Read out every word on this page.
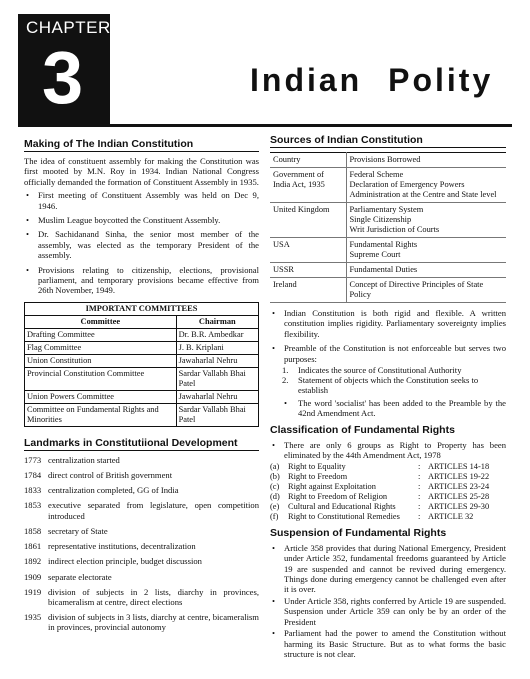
CHAPTER
3	Indian Polity
Making of The Indian Constitution

The idea of constituent assembly for making the Constitution was first mooted by M.N. Roy in 1934. Indian National Congress officially demanded the formation of Constituent Assembly in 1935.

• First meeting of Constituent Assembly was held on Dec 9, 1946.
• Muslim League boycotted the Constituent Assembly.
• Dr. Sachidanand Sinha, the senior most member of the assembly, was elected as the temporary President of the assembly.
• Provisions relating to citizenship, elections, provisional parliament, and temporary provisions became effective from 26th November, 1949.
IMPORTANT COMMITTEES	
Committee	Chairman
Drafting Committee	Dr. B.R. Ambedkar
Flag Committee	J. B. Kriplani
Union Constitution	Jawaharlal Nehru
Provincial Constitution Committee	Sardar Vallabh Bhai Patel
Union Powers Committee	Jawaharlal Nehru
Committee on Fundamental Rights and Minorities	Sardar Vallabh Bhai Patel
Landmarks in Constitutiional Development
1773 centralization started
1784 direct control of British government
1833 centralization completed, GG of India
1853 executive separated from legislature, open competition introduced
1858 secretary of State
1861 representative institutions, decentralization
1892 indirect election principle, budget discussion
1909 separate electorate
1919 division of subjects in 2 lists, diarchy in provinces, bicameralism at centre, direct elections
1935 division of subjects in 3 lists, diarchy at centre, bicameralism in provinces, provincial autonomy
Sources of Indian Constitution
Country	Provisions Borrowed
Government of India Act, 1935	Federal Scheme
Declaration of Emergency Powers
Administration at the Centre and State level
United Kingdom	Parliamentary System
Single Citizenship
Writ Jurisdiction of Courts
USA	Fundamental Rights
Supreme Court
USSR	Fundamental Duties
Ireland	Concept of Directive Principles of State Policy
• Indian Constitution is both rigid and flexible. A written constitution implies rigidity. Parliamentary sovereignty implies flexibility.
• Preamble of the Constitution is not enforceable but serves two purposes:
1.	Indicates the source of Constitutional Authority
2.	Statement of objects which the Constitution seeks to establish
• The word 'socialist' has been added to the Preamble by the 42nd Amendment Act.
Classification of Fundamental Rights
• There are only 6 groups as Right to Property has been eliminated by the 44th Amendment Act, 1978
(a)	Right to Equality	: ARTICLES 14-18
(b) Right to Freedom	: ARTICLES 19-22
(c)	Right against Exploitation	: ARTICLES 23-24
(d) Right to Freedom of Religion	: ARTICLES 25-28
(e)	Cultural and Educational Rights	: ARTICLES 29-30
(f)	Right to Constitutional Remedies	: ARTICLE 32
Suspension of Fundamental Rights
• Article 358 provides that during National Emergency, President under Article 352, fundamental freedoms guaranteed by Article 19 are suspended and cannot be revived during emergency. Things done during emergency cannot be challenged even after it is over.
• Under Article 358, rights conferred by Article 19 are suspended. Suspension under Article 359 can only be by an order of the President
• Parliament had the power to amend the Constitution without harming its Basic Structure. But as to what forms the basic structure is not clear.
